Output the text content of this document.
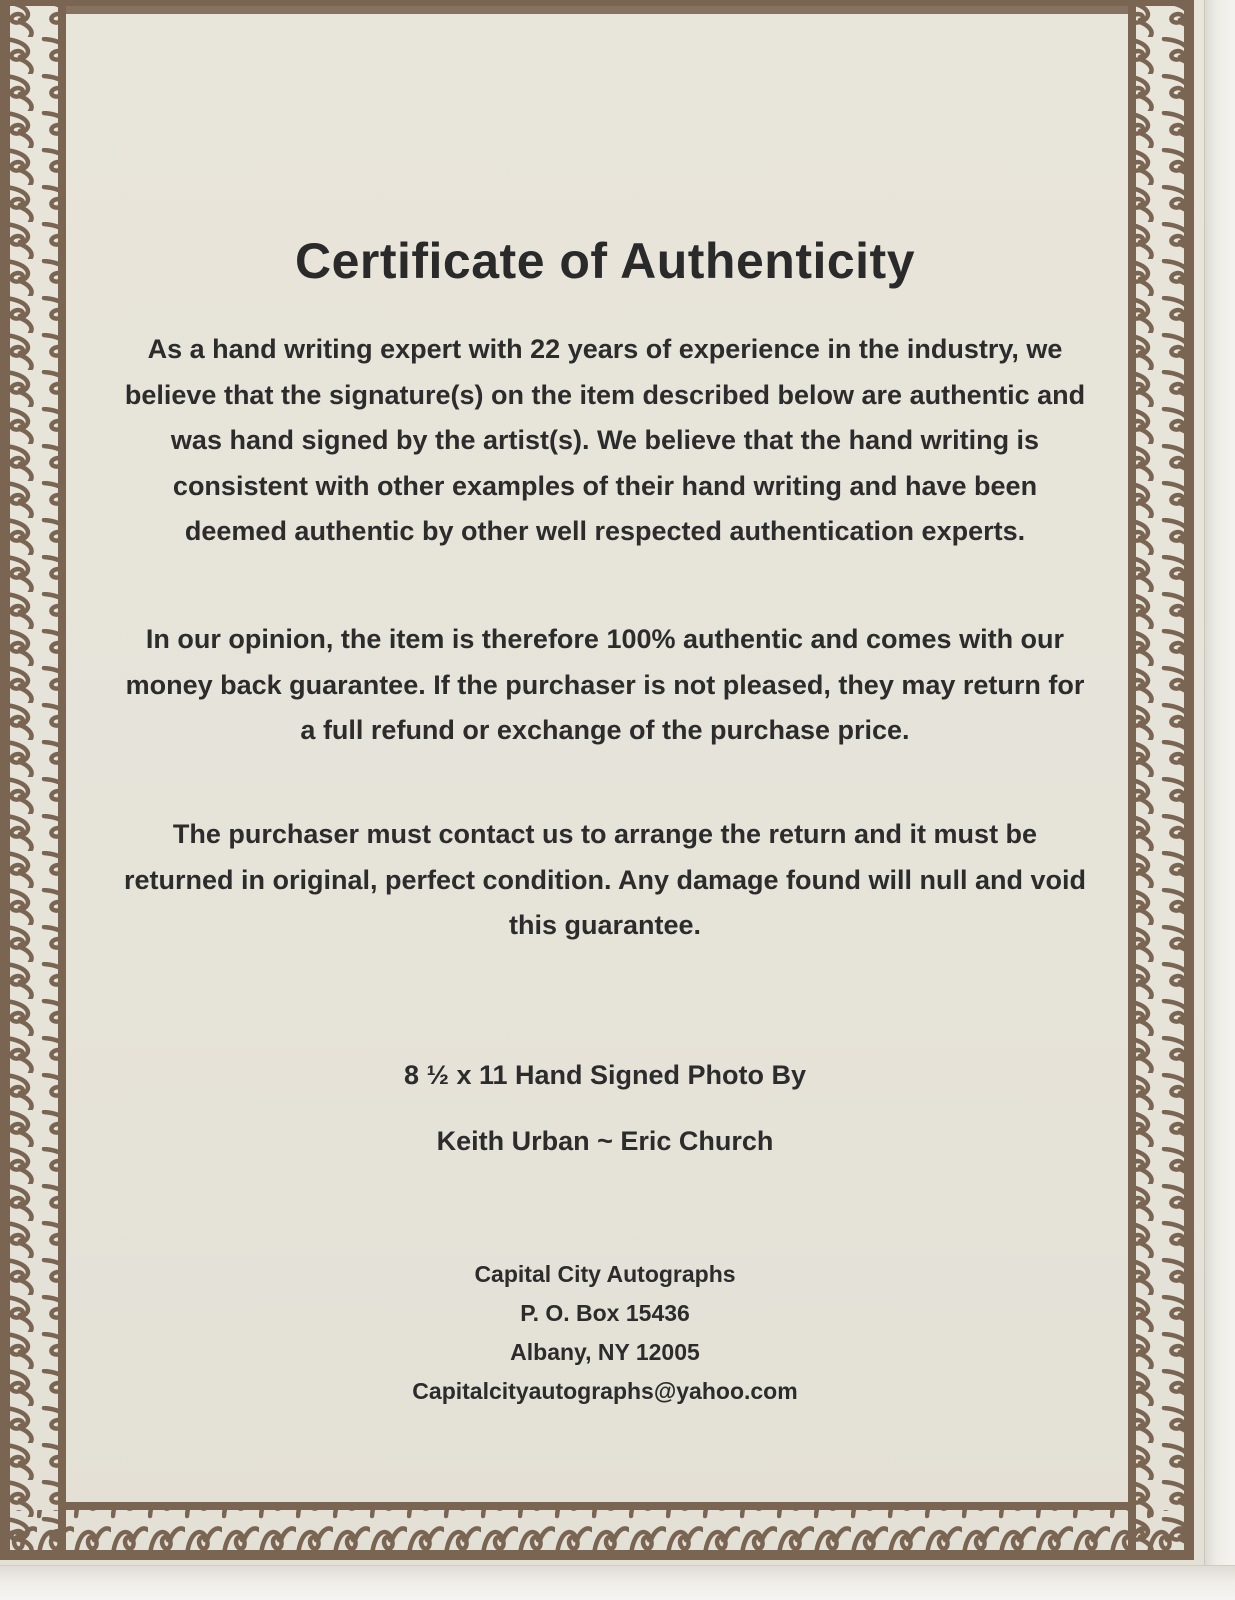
Certificate of Authenticity

As a hand writing expert with 22 years of experience in the industry, we believe that the signature(s) on the item described below are authentic and was hand signed by the artist(s). We believe that the hand writing is consistent with other examples of their hand writing and have been deemed authentic by other well respected authentication experts.

In our opinion, the item is therefore 100% authentic and comes with our money back guarantee. If the purchaser is not pleased, they may return for a full refund or exchange of the purchase price.

The purchaser must contact us to arrange the return and it must be returned in original, perfect condition. Any damage found will null and void this guarantee.

8 ½ x 11 Hand Signed Photo By

Keith Urban ~ Eric Church

Capital City Autographs
P. O. Box 15436
Albany, NY 12005
Capitalcityautographs@yahoo.com
